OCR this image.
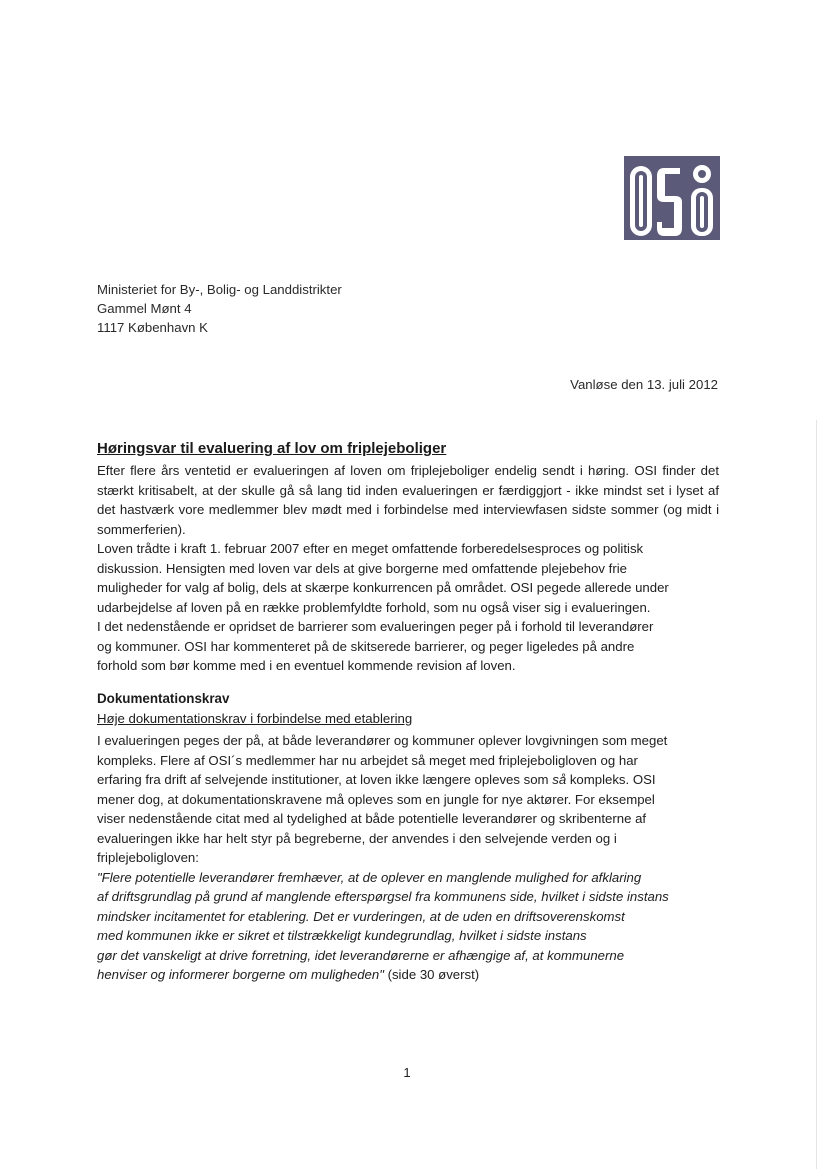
Ministeriet for By-, Bolig- og Landdistrikter
Gammel Mønt 4
1117 København K
Vanløse den 13. juli 2012
Høringsvar til evaluering af lov om friplejeboliger

Efter flere års ventetid er evalueringen af loven om friplejeboliger endelig sendt i høring. OSI finder det stærkt kritisabelt, at der skulle gå så lang tid inden evalueringen er færdiggjort - ikke mindst set i lyset af det hastværk vore medlemmer blev mødt med i forbindelse med interviewfasen sidste sommer (og midt i sommerferien).

Loven trådte i kraft 1. februar 2007 efter en meget omfattende forberedelsesproces og politisk
diskussion. Hensigten med loven var dels at give borgerne med omfattende plejebehov frie
muligheder for valg af bolig, dels at skærpe konkurrencen på området. OSI pegede allerede under
udarbejdelse af loven på en række problemfyldte forhold, som nu også viser sig i evalueringen.
I det nedenstående er opridset de barrierer som evalueringen peger på i forhold til leverandører
og kommuner. OSI har kommenteret på de skitserede barrierer, og peger ligeledes på andre
forhold som bør komme med i en eventuel kommende revision af loven.
Dokumentationskrav
Høje dokumentationskrav i forbindelse med etablering
I evalueringen peges der på, at både leverandører og kommuner oplever lovgivningen som meget
kompleks. Flere af OSI´s medlemmer har nu arbejdet så meget med friplejeboligloven og har
erfaring fra drift af selvejende institutioner, at loven ikke længere opleves som så kompleks. OSI
mener dog, at dokumentationskravene må opleves som en jungle for nye aktører. For eksempel
viser nedenstående citat med al tydelighed at både potentielle leverandører og skribenterne af
evalueringen ikke har helt styr på begreberne, der anvendes i den selvejende verden og i
friplejeboligloven:
"Flere potentielle leverandører fremhæver, at de oplever en manglende mulighed for afklaring
af driftsgrundlag på grund af manglende efterspørgsel fra kommunens side, hvilket i sidste instans
mindsker incitamentet for etablering. Det er vurderingen, at de uden en driftsoverenskomst
med kommunen ikke er sikret et tilstrækkeligt kundegrundlag, hvilket i sidste instans
gør det vanskeligt at drive forretning, idet leverandørerne er afhængige af, at kommunerne
henviser og informerer borgerne om muligheden" (side 30 øverst)
1
